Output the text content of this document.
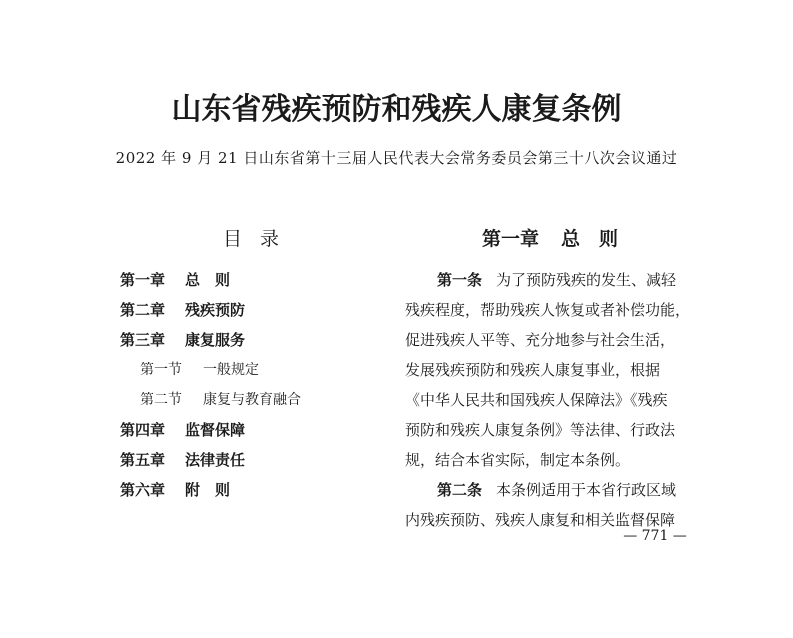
山东省残疾预防和残疾人康复条例
2022 年 9 月 21 日山东省第十三届人民代表大会常务委员会第三十八次会议通过
目录
第一章 总　则
第二章 残疾预防
第三章 康复服务
第一节 一般规定
第二节 康复与教育融合
第四章 监督保障
第五章 法律责任
第六章 附　则
第一章 总　则
第一条 为了预防残疾的发生、减轻
残疾程度，帮助残疾人恢复或者补偿功能，
促进残疾人平等、充分地参与社会生活，
发展残疾预防和残疾人康复事业，根据
《中华人民共和国残疾人保障法》《残疾
预防和残疾人康复条例》等法律、行政法
规，结合本省实际，制定本条例。
第二条 本条例适用于本省行政区域
内残疾预防、残疾人康复和相关监督保障
— 771 —
